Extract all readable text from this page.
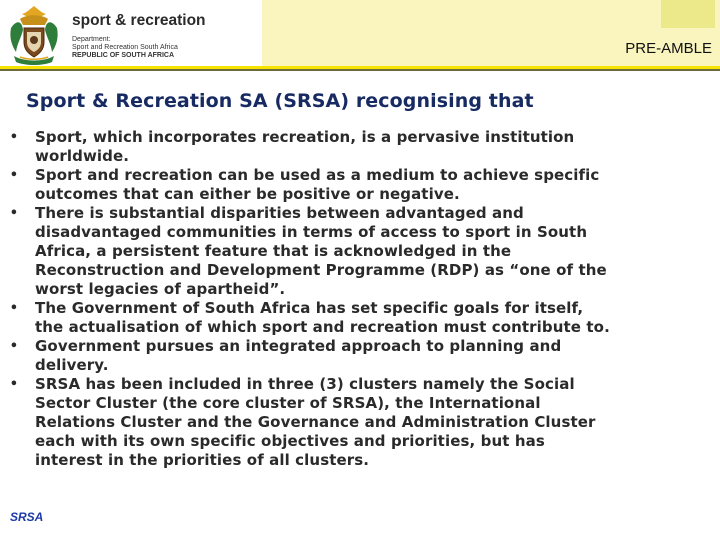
sport & recreation
Department:
Sport and Recreation South Africa
REPUBLIC OF SOUTH AFRICA	PRE-AMBLE
Sport & Recreation SA (SRSA) recognising that
• Sport, which incorporates recreation, is a pervasive institution
worldwide.
• Sport and recreation can be used as a medium to achieve specific
outcomes that can either be positive or negative.
• There is substantial disparities between advantaged and
disadvantaged communities in terms of access to sport in South
Africa, a persistent feature that is acknowledged in the
Reconstruction and Development Programme (RDP) as “one of the
worst legacies of apartheid”.
• The Government of South Africa has set specific goals for itself,
the actualisation of which sport and recreation must contribute to.
• Government pursues an integrated approach to planning and
delivery.
• SRSA has been included in three (3) clusters namely the Social
Sector Cluster (the core cluster of SRSA), the International
Relations Cluster and the Governance and Administration Cluster
each with its own specific objectives and priorities, but has
interest in the priorities of all clusters.
SRSA
